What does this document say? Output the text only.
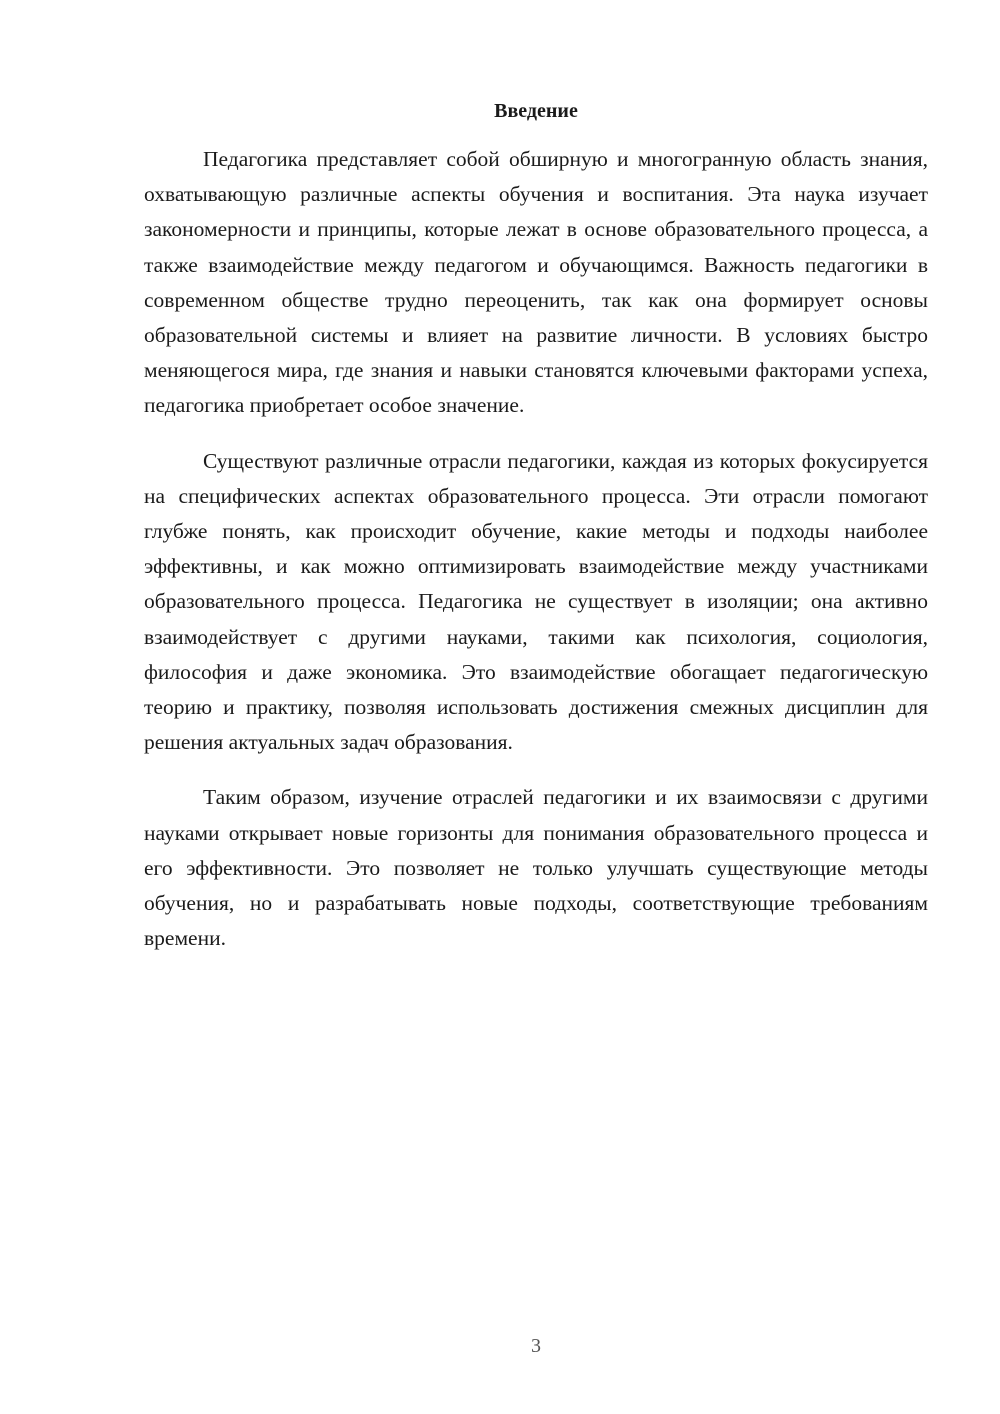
Введение

Педагогика представляет собой обширную и многогранную область знания, охватывающую различные аспекты обучения и воспитания. Эта наука изучает закономерности и принципы, которые лежат в основе образовательного процесса, а также взаимодействие между педагогом и обучающимся. Важность педагогики в современном обществе трудно переоценить, так как она формирует основы образовательной системы и влияет на развитие личности. В условиях быстро меняющегося мира, где знания и навыки становятся ключевыми факторами успеха, педагогика приобретает особое значение.

Существуют различные отрасли педагогики, каждая из которых фокусируется на специфических аспектах образовательного процесса. Эти отрасли помогают глубже понять, как происходит обучение, какие методы и подходы наиболее эффективны, и как можно оптимизировать взаимодействие между участниками образовательного процесса. Педагогика не существует в изоляции; она активно взаимодействует с другими науками, такими как психология, социология, философия и даже экономика. Это взаимодействие обогащает педагогическую теорию и практику, позволяя использовать достижения смежных дисциплин для решения актуальных задач образования.

Таким образом, изучение отраслей педагогики и их взаимосвязи с другими науками открывает новые горизонты для понимания образовательного процесса и его эффективности. Это позволяет не только улучшать существующие методы обучения, но и разрабатывать новые подходы, соответствующие требованиям времени.

3
